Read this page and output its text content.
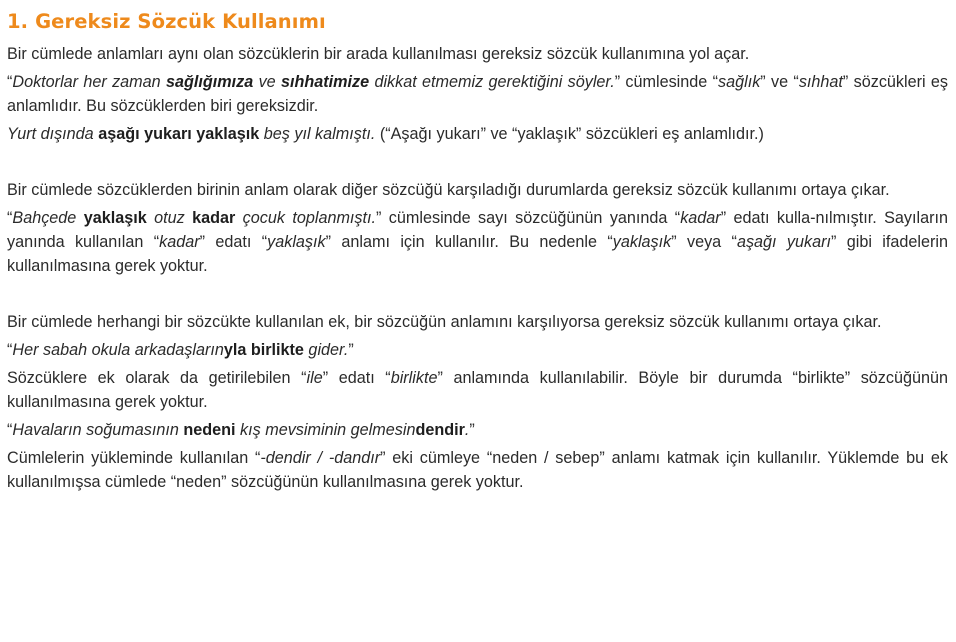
1. Gereksiz Sözcük Kullanımı

Bir cümlede anlamları aynı olan sözcüklerin bir arada kullanılması gereksiz sözcük kullanımına yol açar.

“Doktorlar her zaman sağlığımıza ve sıhhatimize dikkat etmemiz gerektiğini söyler.” cümlesinde “sağlık” ve “sıhhat” sözcükleri eş anlamlıdır. Bu sözcüklerden biri gereksizdir.

Yurt dışında aşağı yukarı yaklaşık beş yıl kalmıştı. (“Aşağı yukarı” ve “yaklaşık” sözcükleri eş anlamlıdır.)

Bir cümlede sözcüklerden birinin anlam olarak diğer sözcüğü karşıladığı durumlarda gereksiz sözcük kullanımı ortaya çıkar.

“Bahçede yaklaşık otuz kadar çocuk toplanmıştı.” cümlesinde sayı sözcüğünün yanında “kadar” edatı kulla-nılmıştır. Sayıların yanında kullanılan “kadar” edatı “yaklaşık” anlamı için kullanılır. Bu nedenle “yaklaşık” veya “aşağı yukarı” gibi ifadelerin kullanılmasına gerek yoktur.

Bir cümlede herhangi bir sözcükte kullanılan ek, bir sözcüğün anlamını karşılıyorsa gereksiz sözcük kullanımı ortaya çıkar.

“Her sabah okula arkadaşlarınyla birlikte gider.”

Sözcüklere ek olarak da getirilebilen “ile” edatı “birlikte” anlamında kullanılabilir. Böyle bir durumda “birlikte” sözcüğünün kullanılmasına gerek yoktur.

“Havaların soğumasının nedeni kış mevsiminin gelmesindendir.”

Cümlelerin yükleminde kullanılan “-dendir / -dandır” eki cümleye “neden / sebep” anlamı katmak için kullanılır. Yüklemde bu ek kullanılmışsa cümlede “neden” sözcüğünün kullanılmasına gerek yoktur.
